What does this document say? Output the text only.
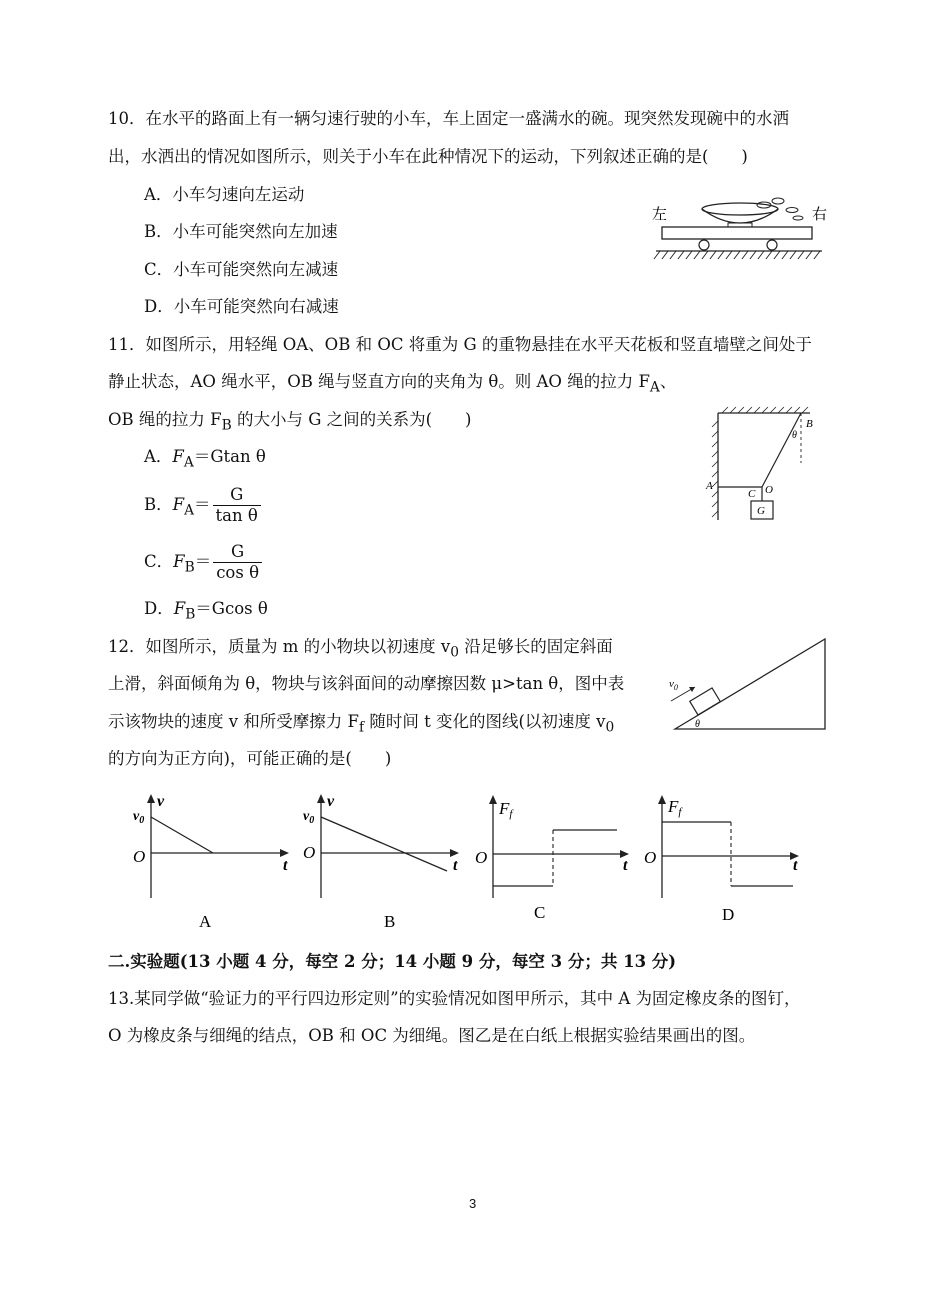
10．在水平的路面上有一辆匀速行驶的小车，车上固定一盛满水的碗。现突然发现碗中的水洒
出，水洒出的情况如图所示，则关于小车在此种情况下的运动，下列叙述正确的是(　　)
A．小车匀速向左运动
B．小车可能突然向左加速
C．小车可能突然向左减速
D．小车可能突然向右减速
左	右
11．如图所示，用轻绳 OA、OB 和 OC 将重为 G 的重物悬挂在水平天花板和竖直墙壁之间处于
静止状态，AO 绳水平，OB 绳与竖直方向的夹角为 θ。则 AO 绳的拉力 $F_A$、
OB 绳的拉力 $F_B$ 的大小与 G 之间的关系为(　　)
A．$F_A=Gtan$ θ
B．$F_A= \frac{G}{\text{tan θ}}$
C．$F_B= \frac{G}{\text{cos θ}}$
D．$F_B=Gcos$ θ
B
θ
A
C O
G
12．如图所示，质量为 m 的小物块以初速度 $v_0$ 沿足够长的固定斜面
上滑，斜面倾角为 θ，物块与该斜面间的动摩擦因数 μ>tan θ，图中表
示该物块的速度 v 和所受摩擦力 $F_f$ 随时间 t 变化的图线(以初速度 $v_0$
的方向为正方向)，可能正确的是(　　)
$v_0$
θ
v
$v_0$
O	t
A
v
$v_0$
O
t
B
Ff
O	t
C
Ff
O	t
D
二.实验题(13 小题 4 分，每空 2 分；14 小题 9 分，每空 3 分；共 13 分)
13.某同学做“验证力的平行四边形定则”的实验情况如图甲所示，其中 A 为固定橡皮条的图钉，
O 为橡皮条与细绳的结点，OB 和 OC 为细绳。图乙是在白纸上根据实验结果画出的图。
3
